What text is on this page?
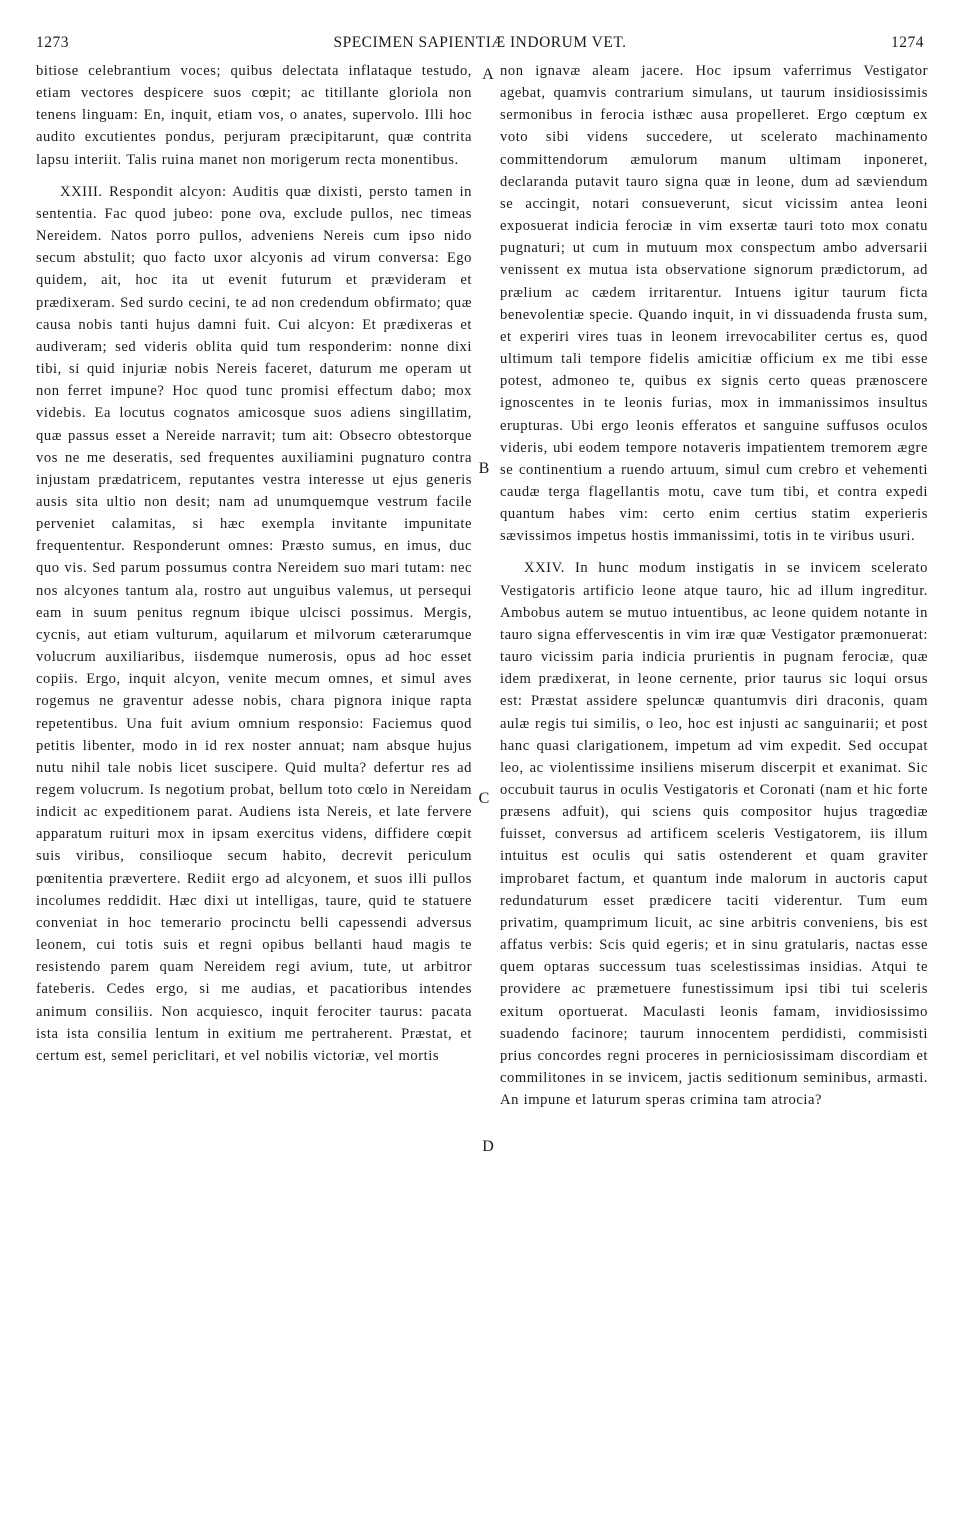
1273	SPECIMEN SAPIENTIÆ INDORUM VET.	1274

bitiose celebrantium voces; quibus delectata inflataque testudo, etiam vectores despicere suos cœpit; ac titillante gloriola non tenens linguam: En, inquit, etiam vos, o anates, supervolo. Illi hoc audito excutientes pondus, perjuram præcipitarunt, quæ contrita lapsu interiit. Talis ruina manet non morigerum recta monentibus.

XXIII. Respondit alcyon: Auditis quæ dixisti, persto tamen in sententia. Fac quod jubeo: pone ova, exclude pullos, nec timeas Nereidem. Natos porro pullos, adveniens Nereis cum ipso nido secum abstulit; quo facto uxor alcyonis ad virum conversa: Ego quidem, ait, hoc ita ut evenit futurum et prævideram et prædixeram. Sed surdo cecini, te ad non credendum obfirmato; quæ causa nobis tanti hujus damni fuit. Cui alcyon: Et prædixeras et audiveram; sed videris oblita quid tum responderim: nonne dixi tibi, si quid injuriæ nobis Nereis faceret, daturum me operam ut non ferret impune? Hoc quod tunc promisi effectum dabo; mox videbis. Ea locutus cognatos amicosque suos adiens singillatim, quæ passus esset a Nereide narravit; tum ait: Obsecro obtestorque vos ne me deseratis, sed frequentes auxiliamini pugnaturo contra injustam prædatricem, reputantes vestra interesse ut ejus generis ausis sita ultio non desit; nam ad unumquemque vestrum facile perveniet calamitas, si hæc exempla invitante impunitate frequententur. Responderunt omnes: Præsto sumus, en imus, duc quo vis. Sed parum possumus contra Nereidem suo mari tutam: nec nos alcyones tantum ala, rostro aut unguibus valemus, ut persequi eam in suum penitus regnum ibique ulcisci possimus. Mergis, cycnis, aut etiam vulturum, aquilarum et milvorum cæterarumque volucrum auxiliaribus, iisdemque numerosis, opus ad hoc esset copiis. Ergo, inquit alcyon, venite mecum omnes, et simul aves rogemus ne graventur adesse nobis, chara pignora inique rapta repetentibus. Una fuit avium omnium responsio: Faciemus quod petitis libenter, modo in id rex noster annuat; nam absque hujus nutu nihil tale nobis licet suscipere. Quid multa? defertur res ad regem volucrum. Is negotium probat, bellum toto cœlo in Nereidam indicit ac expeditionem parat. Audiens ista Nereis, et late fervere apparatum ruituri mox in ipsam exercitus videns, diffidere cœpit suis viribus, consilioque secum habito, decrevit periculum pœnitentia prævertere. Rediit ergo ad alcyonem, et suos illi pullos incolumes reddidit. Hæc dixi ut intelligas, taure, quid te statuere conveniat in hoc temerario procinctu belli capessendi adversus leonem, cui totis suis et regni opibus bellanti haud magis te resistendo parem quam Nereidem regi avium, tute, ut arbitror fateberis. Cedes ergo, si me audias, et pacatioribus intendes animum consiliis. Non acquiesco, inquit ferociter taurus: pacata ista ista consilia lentum in exitium me pertraherent. Præstat, et certum est, semel periclitari, et vel nobilis victoriæ, vel mortis

A
B
C
D

non ignavæ aleam jacere. Hoc ipsum vaferrimus Vestigator agebat, quamvis contrarium simulans, ut taurum insidiosissimis sermonibus in ferocia isthæc ausa propelleret. Ergo cœptum ex voto sibi videns succedere, ut scelerato machinamento committendorum æmulorum manum ultimam inponeret, declaranda putavit tauro signa quæ in leone, dum ad sæviendum se accingit, notari consueverunt, sicut vicissim antea leoni exposuerat indicia ferociæ in vim exsertæ tauri toto mox conatu pugnaturi; ut cum in mutuum mox conspectum ambo adversarii venissent ex mutua ista observatione signorum prædictorum, ad prælium ac cædem irritarentur. Intuens igitur taurum ficta benevolentiæ specie. Quando inquit, in vi dissuadenda frusta sum, et experiri vires tuas in leonem irrevocabiliter certus es, quod ultimum tali tempore fidelis amicitiæ officium ex me tibi esse potest, admoneo te, quibus ex signis certo queas prænoscere ignoscentes in te leonis furias, mox in immanissimos insultus erupturas. Ubi ergo leonis efferatos et sanguine suffusos oculos videris, ubi eodem tempore notaveris impatientem tremorem ægre se continentium a ruendo artuum, simul cum crebro et vehementi caudæ terga flagellantis motu, cave tum tibi, et contra expedi quantum habes vim: certo enim certius statim experieris sævissimos impetus hostis immanissimi, totis in te viribus usuri.

XXIV. In hunc modum instigatis in se invicem scelerato Vestigatoris artificio leone atque tauro, hic ad illum ingreditur. Ambobus autem se mutuo intuentibus, ac leone quidem notante in tauro signa effervescentis in vim iræ quæ Vestigator præmonuerat: tauro vicissim paria indicia prurientis in pugnam ferociæ, quæ idem prædixerat, in leone cernente, prior taurus sic loqui orsus est: Præstat assidere speluncæ quantumvis diri draconis, quam aulæ regis tui similis, o leo, hoc est injusti ac sanguinarii; et post hanc quasi clarigationem, impetum ad vim expedit. Sed occupat leo, ac violentissime insiliens miserum discerpit et exanimat. Sic occubuit taurus in oculis Vestigatoris et Coronati (nam et hic forte præsens adfuit), qui sciens quis compositor hujus tragœdiæ fuisset, conversus ad artificem sceleris Vestigatorem, iis illum intuitus est oculis qui satis ostenderent et quam graviter improbaret factum, et quantum inde malorum in auctoris caput redundaturum esset prædicere taciti viderentur. Tum eum privatim, quamprimum licuit, ac sine arbitris conveniens, bis est affatus verbis: Scis quid egeris; et in sinu gratularis, nactas esse quem optaras successum tuas scelestissimas insidias. Atqui te providere ac præmetuere funestissimum ipsi tibi tui sceleris exitum oportuerat. Maculasti leonis famam, invidiosissimo suadendo facinore; taurum innocentem perdidisti, commisisti prius concordes regni proceres in perniciosissimam discordiam et commilitones in se invicem, jactis seditionum seminibus, armasti. An impune et laturum speras crimina tam atrocia?
